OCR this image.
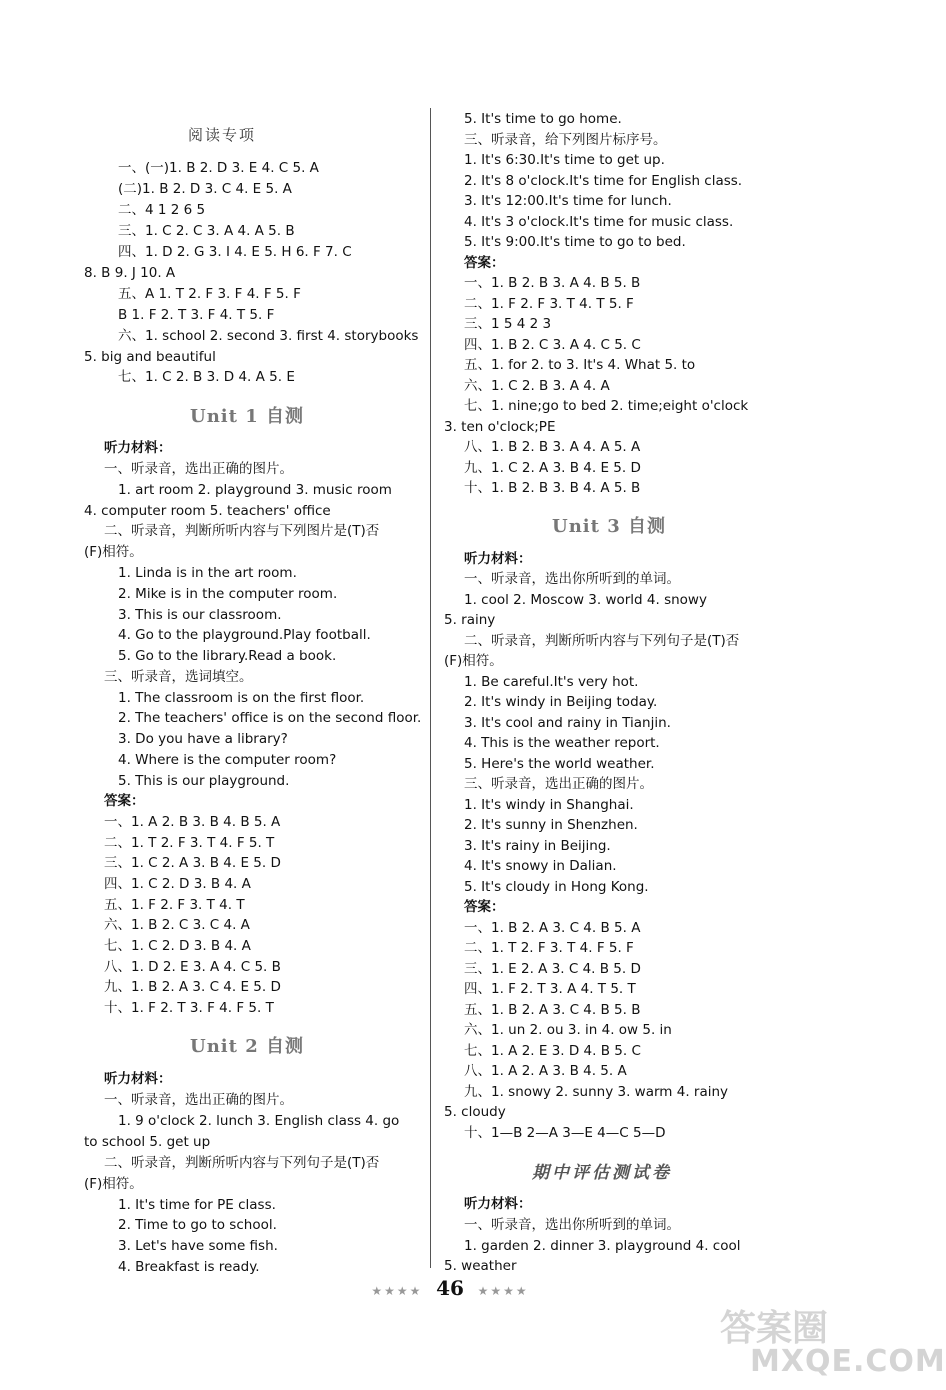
阅读专项
一、(一)1. B 2. D 3. E 4. C 5. A
(二)1. B 2. D 3. C 4. E 5. A
二、4 1 2 6 5
三、1. C 2. C 3. A 4. A 5. B
四、1. D 2. G 3. I 4. E 5. H 6. F 7. C
8. B 9. J 10. A
五、A 1. T 2. F 3. F 4. F 5. F
B 1. F 2. T 3. F 4. T 5. F
六、1. school 2. second 3. first 4. storybooks
5. big and beautiful
七、1. C 2. B 3. D 4. A 5. E
Unit 1 自测
听力材料：
一、听录音，选出正确的图片。
1. art room 2. playground 3. music room
4. computer room 5. teachers' office
二、听录音，判断所听内容与下列图片是(T)否
(F)相符。
1. Linda is in the art room.
2. Mike is in the computer room.
3. This is our classroom.
4. Go to the playground.Play football.
5. Go to the library.Read a book.
三、听录音，选词填空。
1. The classroom is on the first floor.
2. The teachers' office is on the second floor.
3. Do you have a library?
4. Where is the computer room?
5. This is our playground.
答案：
一、1. A 2. B 3. B 4. B 5. A
二、1. T 2. F 3. T 4. F 5. T
三、1. C 2. A 3. B 4. E 5. D
四、1. C 2. D 3. B 4. A
五、1. F 2. F 3. T 4. T
六、1. B 2. C 3. C 4. A
七、1. C 2. D 3. B 4. A
八、1. D 2. E 3. A 4. C 5. B
九、1. B 2. A 3. C 4. E 5. D
十、1. F 2. T 3. F 4. F 5. T
Unit 2 自测
听力材料：
一、听录音，选出正确的图片。
1. 9 o'clock 2. lunch 3. English class 4. go
to school 5. get up
二、听录音，判断所听内容与下列句子是(T)否
(F)相符。
1. It's time for PE class.
2. Time to go to school.
3. Let's have some fish.
4. Breakfast is ready.
5. It's time to go home.
三、听录音，给下列图片标序号。
1. It's 6:30.It's time to get up.
2. It's 8 o'clock.It's time for English class.
3. It's 12:00.It's time for lunch.
4. It's 3 o'clock.It's time for music class.
5. It's 9:00.It's time to go to bed.
答案：
一、1. B 2. B 3. A 4. B 5. B
二、1. F 2. F 3. T 4. T 5. F
三、1 5 4 2 3
四、1. B 2. C 3. A 4. C 5. C
五、1. for 2. to 3. It's 4. What 5. to
六、1. C 2. B 3. A 4. A
七、1. nine;go to bed 2. time;eight o'clock
3. ten o'clock;PE
八、1. B 2. B 3. A 4. A 5. A
九、1. C 2. A 3. B 4. E 5. D
十、1. B 2. B 3. B 4. A 5. B
Unit 3 自测
听力材料：
一、听录音，选出你所听到的单词。
1. cool 2. Moscow 3. world 4. snowy
5. rainy
二、听录音，判断所听内容与下列句子是(T)否
(F)相符。
1. Be careful.It's very hot.
2. It's windy in Beijing today.
3. It's cool and rainy in Tianjin.
4. This is the weather report.
5. Here's the world weather.
三、听录音，选出正确的图片。
1. It's windy in Shanghai.
2. It's sunny in Shenzhen.
3. It's rainy in Beijing.
4. It's snowy in Dalian.
5. It's cloudy in Hong Kong.
答案：
一、1. B 2. A 3. C 4. B 5. A
二、1. T 2. F 3. T 4. F 5. F
三、1. E 2. A 3. C 4. B 5. D
四、1. F 2. T 3. A 4. T 5. T
五、1. B 2. A 3. C 4. B 5. B
六、1. un 2. ou 3. in 4. ow 5. in
七、1. A 2. E 3. D 4. B 5. C
八、1. A 2. A 3. B 4. 5. A
九、1. snowy 2. sunny 3. warm 4. rainy
5. cloudy
十、1—B 2—A 3—E 4—C 5—D
期中评估测试卷
听力材料：
一、听录音，选出你所听到的单词。
1. garden 2. dinner 3. playground 4. cool
5. weather
★★★★ 46 ★★★★
答案圈
MXQE.COM
